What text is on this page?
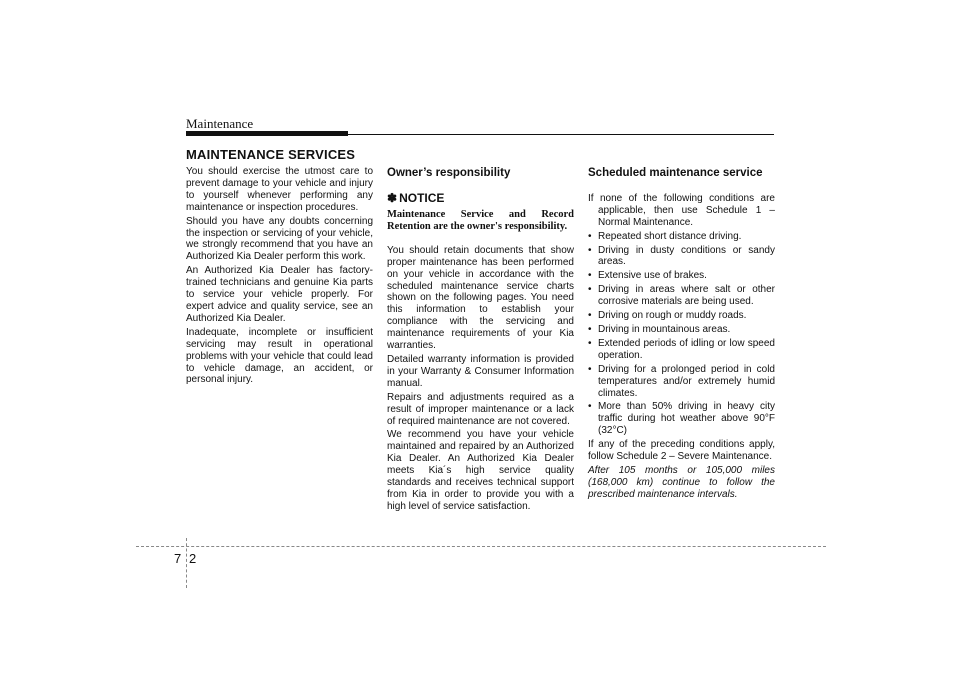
Maintenance
MAINTENANCE SERVICES

You should exercise the utmost care to prevent damage to your vehicle and injury to yourself whenever performing any maintenance or inspection procedures.

Should you have any doubts concerning the inspection or servicing of your vehicle, we strongly recommend that you have an Authorized Kia Dealer perform this work.

An Authorized Kia Dealer has factory-trained technicians and genuine Kia parts to service your vehicle properly. For expert advice and quality service, see an Authorized Kia Dealer.

Inadequate, incomplete or insufficient servicing may result in operational problems with your vehicle that could lead to vehicle damage, an accident, or personal injury.

Owner’s responsibility
✽ NOTICE
Maintenance Service and Record Retention are the owner's responsibility.

You should retain documents that show proper maintenance has been performed on your vehicle in accordance with the scheduled maintenance service charts shown on the following pages. You need this information to establish your compliance with the servicing and maintenance requirements of your Kia warranties.

Detailed warranty information is provided in your Warranty & Consumer Information manual.

Repairs and adjustments required as a result of improper maintenance or a lack of required maintenance are not covered.

We recommend you have your vehicle maintained and repaired by an Authorized Kia Dealer. An Authorized Kia Dealer meets Kia´s high service quality standards and receives technical support from Kia in order to provide you with a high level of service satisfaction.

Scheduled maintenance service

If none of the following conditions are applicable, then use Schedule 1 – Normal Maintenance.

• Repeated short distance driving.
• Driving in dusty conditions or sandy areas.
• Extensive use of brakes.
• Driving in areas where salt or other corrosive materials are being used.
• Driving on rough or muddy roads.
• Driving in mountainous areas.
• Extended periods of idling or low speed operation.
• Driving for a prolonged period in cold temperatures and/or extremely humid climates.
• More than 50% driving in heavy city traffic during hot weather above 90°F (32°C)

If any of the preceding conditions apply, follow Schedule 2 – Severe Maintenance.

After 105 months or 105,000 miles (168,000 km) continue to follow the prescribed maintenance intervals.

7 2
